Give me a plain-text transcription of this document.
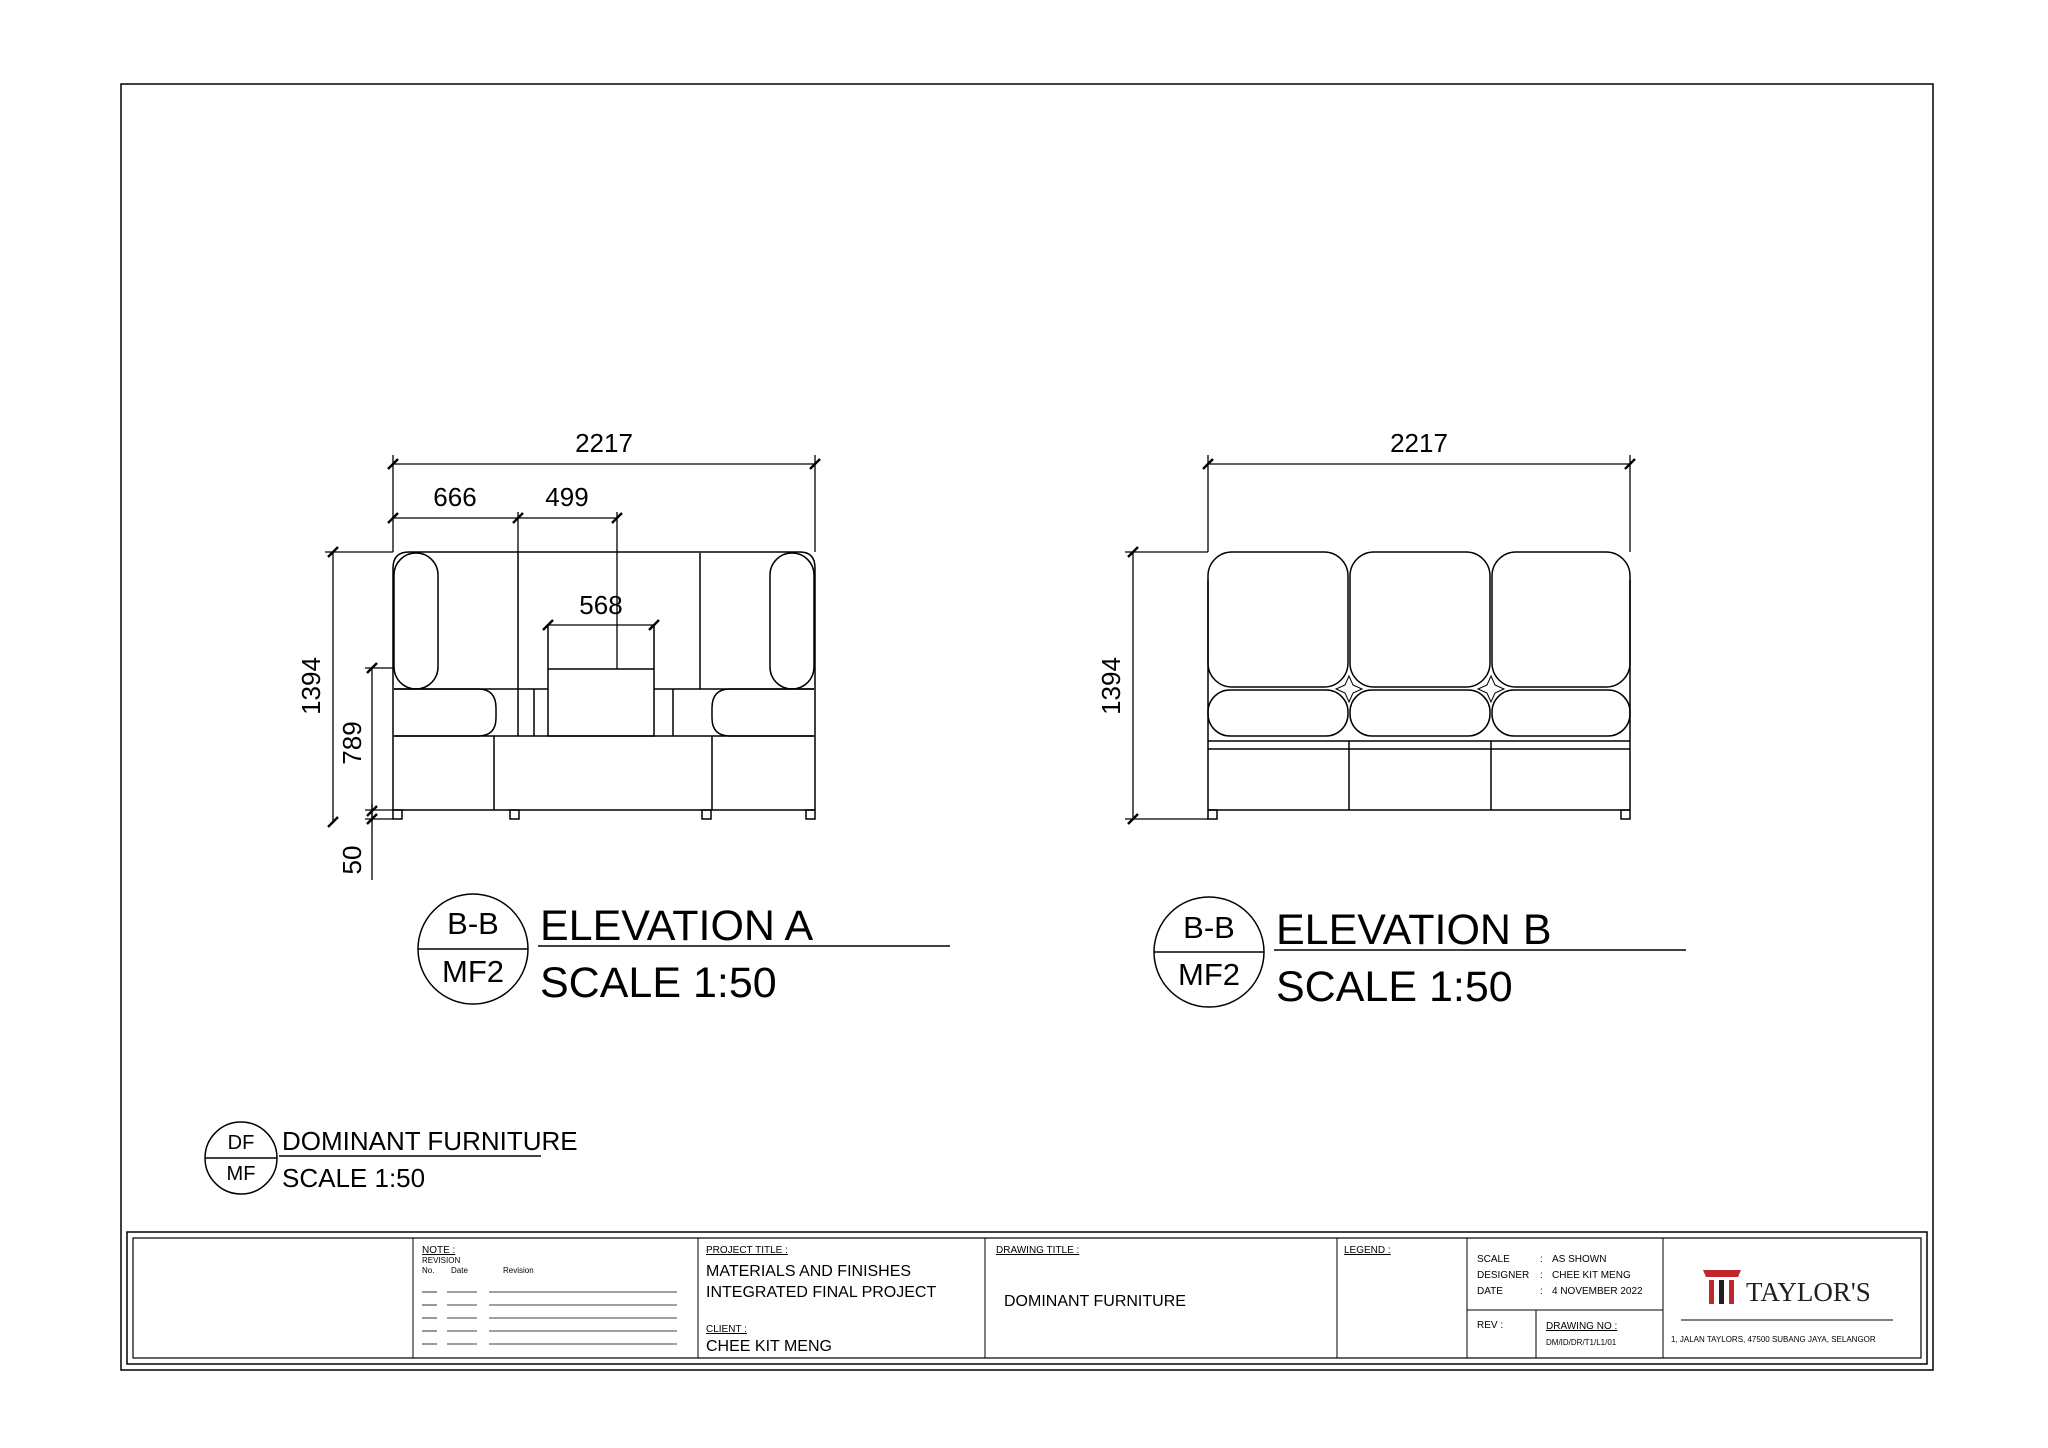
2217
666	499
568
1394
789
50
B-B
MF2
ELEVATION A
SCALE 1:50
2217
1394
B-B
MF2
ELEVATION B
SCALE 1:50
DF
MF
DOMINANT FURNITURE
SCALE 1:50
NOTE :
REVISION
No. Date	Revision
PROJECT TITLE :
MATERIALS AND FINISHES
INTEGRATED FINAL PROJECT
CLIENT :
CHEE KIT MENG
DRAWING TITLE :
DOMINANT FURNITURE
LEGEND :
SCALE	: AS SHOWN
DESIGNER : CHEE KIT MENG
DATE	: 4 NOVEMBER 2022
REV :	DRAWING NO :
DM/ID/DR/T1/L1/01
TAYLOR'S
1, JALAN TAYLORS, 47500 SUBANG JAYA, SELANGOR
